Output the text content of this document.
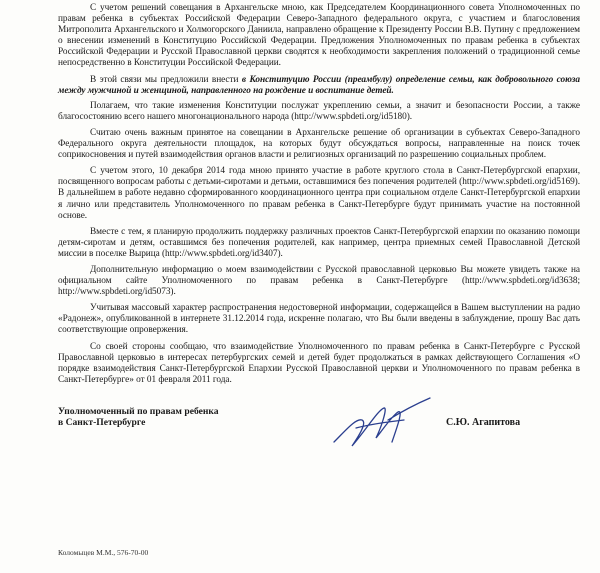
С учетом решений совещания в Архангельске мною, как Председателем Координационного совета Уполномоченных по правам ребенка в субъектах Российской Федерации Северо-Западного федерального округа, с участием и благословения Митрополита Архангельского и Холмогорского Даниила, направлено обращение к Президенту России В.В. Путину с предложением о внесении изменений в Конституцию Российской Федерации. Предложения Уполномоченных по правам ребенка в субъектах Российской Федерации и Русской Православной церкви сводятся к необходимости закрепления положений о традиционной семье непосредственно в Конституции Российской Федерации.

В этой связи мы предложили внести в Конституцию России (преамбулу) определение семьи, как добровольного союза между мужчиной и женщиной, направленного на рождение и воспитание детей.

Полагаем, что такие изменения Конституции послужат укреплению семьи, а значит и безопасности России, а также благосостоянию всего нашего многонационального народа (http://www.spbdeti.org/id5180).

Считаю очень важным принятое на совещании в Архангельске решение об организации в субъектах Северо-Западного Федерального округа деятельности площадок, на которых будут обсуждаться вопросы, направленные на поиск точек соприкосновения и путей взаимодействия органов власти и религиозных организаций по разрешению социальных проблем.

С учетом этого, 10 декабря 2014 года мною принято участие в работе круглого стола в Санкт-Петербургской епархии, посвященного вопросам работы с детьми-сиротами и детьми, оставшимися без попечения родителей (http://www.spbdeti.org/id5169). В дальнейшем в работе недавно сформированного координационного центра при социальном отделе Санкт-Петербургской епархии я лично или представитель Уполномоченного по правам ребенка в Санкт-Петербурге будут принимать участие на постоянной основе.

Вместе с тем, я планирую продолжить поддержку различных проектов Санкт-Петербургской епархии по оказанию помощи детям-сиротам и детям, оставшимся без попечения родителей, как например, центра приемных семей Православной Детской миссии в поселке Вырица (http://www.spbdeti.org/id3407).

Дополнительную информацию о моем взаимодействии с Русской православной церковью Вы можете увидеть также на официальном сайте Уполномоченного по правам ребенка в Санкт-Петербурге (http://www.spbdeti.org/id3638; http://www.spbdeti.org/id5073).

Учитывая массовый характер распространения недостоверной информации, содержащейся в Вашем выступлении на радио «Радонеж», опубликованной в интернете 31.12.2014 года, искренне полагаю, что Вы были введены в заблуждение, прошу Вас дать соответствующие опровержения.

Со своей стороны сообщаю, что взаимодействие Уполномоченного по правам ребенка в Санкт-Петербурге с Русской Православной церковью в интересах петербургских семей и детей будет продолжаться в рамках действующего Соглашения «О порядке взаимодействия Санкт-Петербургской Епархии Русской Православной церкви и Уполномоченного по правам ребенка в Санкт-Петербурге» от 01 февраля 2011 года.

Уполномоченный по правам ребенка
в Санкт-Петербурге	С.Ю. Агапитова
Коломыцев М.М., 576-70-00
